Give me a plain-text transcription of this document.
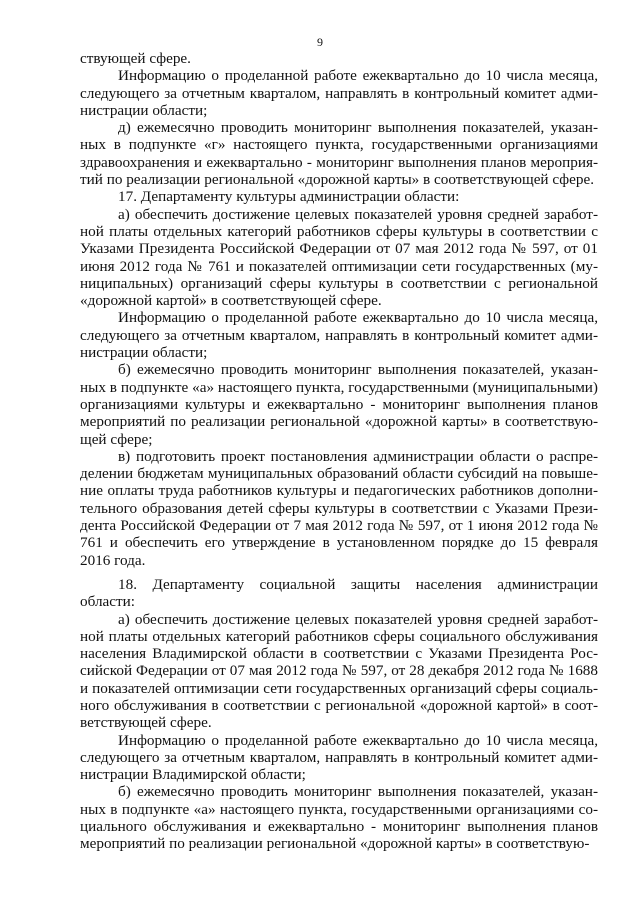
9

ствующей сфере.

Информацию о проделанной работе ежеквартально до 10 числа месяца, следующего за отчетным кварталом, направлять в контрольный комитет администрации области;

д) ежемесячно проводить мониторинг выполнения показателей, указанных в подпункте «г» настоящего пункта, государственными организациями здравоохранения и ежеквартально - мониторинг выполнения планов мероприятий по реализации региональной «дорожной карты» в соответствующей сфере.

17. Департаменту культуры администрации области:

а) обеспечить достижение целевых показателей уровня средней заработной платы отдельных категорий работников сферы культуры в соответствии с Указами Президента Российской Федерации от 07 мая 2012 года № 597, от 01 июня 2012 года № 761 и показателей оптимизации сети государственных (муниципальных) организаций сферы культуры в соответствии с региональной «дорожной картой» в соответствующей сфере.

Информацию о проделанной работе ежеквартально до 10 числа месяца, следующего за отчетным кварталом, направлять в контрольный комитет администрации области;

б) ежемесячно проводить мониторинг выполнения показателей, указанных в подпункте «а» настоящего пункта, государственными (муниципальными) организациями культуры и ежеквартально - мониторинг выполнения планов мероприятий по реализации региональной «дорожной карты» в соответствующей сфере;

в) подготовить проект постановления администрации области о распределении бюджетам муниципальных образований области субсидий на повышение оплаты труда работников культуры и педагогических работников дополнительного образования детей сферы культуры в соответствии с Указами Президента Российской Федерации от 7 мая 2012 года № 597, от 1 июня 2012 года № 761 и обеспечить его утверждение в установленном порядке до 15 февраля 2016 года.

18. Департаменту социальной защиты населения администрации области:

а) обеспечить достижение целевых показателей уровня средней заработной платы отдельных категорий работников сферы социального обслуживания населения Владимирской области в соответствии с Указами Президента Российской Федерации от 07 мая 2012 года № 597, от 28 декабря 2012 года № 1688 и показателей оптимизации сети государственных организаций сферы социального обслуживания в соответствии с региональной «дорожной картой» в соответствующей сфере.

Информацию о проделанной работе ежеквартально до 10 числа месяца, следующего за отчетным кварталом, направлять в контрольный комитет администрации Владимирской области;

б) ежемесячно проводить мониторинг выполнения показателей, указанных в подпункте «а» настоящего пункта, государственными организациями социального обслуживания и ежеквартально - мониторинг выполнения планов мероприятий по реализации региональной «дорожной карты» в соответствую-
